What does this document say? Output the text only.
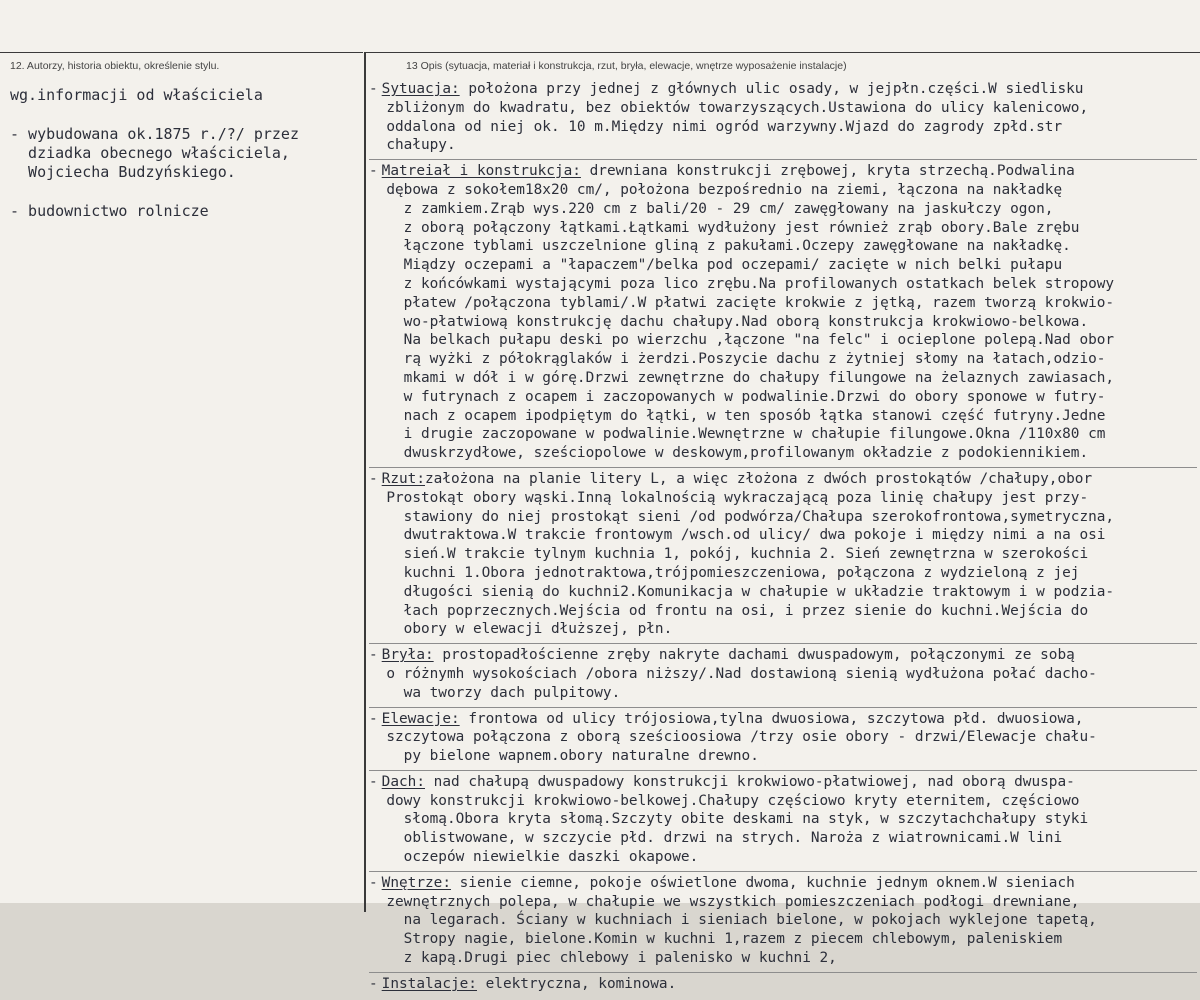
12. Autorzy, historia obiektu, określenie stylu.	13 Opis (sytuacja, materiał i konstrukcja, rzut, bryła, elewacje, wnętrze wyposażenie instalacje)
wg.informacji od właściciela
- wybudowana ok.1875 r./?/ przez
dziadka obecnego właściciela,
Wojciecha Budzyńskiego.
- budownictwo rolnicze
- Sytuacja: położona przy jednej z głównych ulic osady, w jejpłn.części.W siedlisku
zbliżonym do kwadratu, bez obiektów towarzyszących.Ustawiona do ulicy kalenicowo,
oddalona od niej ok. 10 m.Między nimi ogród warzywny.Wjazd do zagrody zpłd.str
chałupy.
- Matreiał i konstrukcja: drewniana konstrukcji zrębowej, kryta strzechą.Podwalina
dębowa z sokołem18x20 cm/, położona bezpośrednio na ziemi, łączona na nakładkę
z zamkiem.Zrąb wys.220 cm z bali/20 - 29 cm/ zawęgłowany na jaskułczy ogon,
z oborą połączony łątkami.Łątkami wydłużony jest również zrąb obory.Bale zrębu
łączone tyblami uszczelnione gliną z pakułami.Oczepy zawęgłowane na nakładkę.
Miądzy oczepami a "łapaczem"/belka pod oczepami/ zacięte w nich belki pułapu
z końcówkami wystającymi poza lico zrębu.Na profilowanych ostatkach belek stropowy
płatew /połączona tyblami/.W płatwi zacięte krokwie z jętką, razem tworzą krokwio-
wo-płatwiową konstrukcję dachu chałupy.Nad oborą konstrukcja krokwiowo-belkowa.
Na belkach pułapu deski po wierzchu ,łączone "na felc" i ocieplone polepą.Nad obor
rą wyżki z półokrąglaków i żerdzi.Poszycie dachu z żytniej słomy na łatach,odzio-
mkami w dół i w górę.Drzwi zewnętrzne do chałupy filungowe na żelaznych zawiasach,
w futrynach z ocapem i zaczopowanych w podwalinie.Drzwi do obory sponowe w futry-
nach z ocapem ipodpiętym do łątki, w ten sposób łątka stanowi część futryny.Jedne
i drugie zaczopowane w podwalinie.Wewnętrzne w chałupie filungowe.Okna /110x80 cm
dwuskrzydłowe, sześciopolowe w deskowym,profilowanym okładzie z podokiennikiem.
- Rzut:założona na planie litery L, a więc złożona z dwóch prostokątów /chałupy,obor
Prostokąt obory wąski.Inną lokalnością wykraczającą poza linię chałupy jest przy-
stawiony do niej prostokąt sieni /od podwórza/Chałupa szerokofrontowa,symetryczna,
dwutraktowa.W trakcie frontowym /wsch.od ulicy/ dwa pokoje i między nimi a na osi
sień.W trakcie tylnym kuchnia 1, pokój, kuchnia 2. Sień zewnętrzna w szerokości
kuchni 1.Obora jednotraktowa,trójpomieszczeniowa, połączona z wydzieloną z jej
długości sienią do kuchni2.Komunikacja w chałupie w układzie traktowym i w podzia-
łach poprzecznych.Wejścia od frontu na osi, i przez sienie do kuchni.Wejścia do
obory w elewacji dłuższej, płn.
- Bryła: prostopadłościenne zręby nakryte dachami dwuspadowym, połączonymi ze sobą
o różnymh wysokościach /obora niższy/.Nad dostawioną sienią wydłużona połać dacho-
wa tworzy dach pulpitowy.
- Elewacje: frontowa od ulicy trójosiowa,tylna dwuosiowa, szczytowa płd. dwuosiowa,
szczytowa połączona z oborą sześcioosiowa /trzy osie obory - drzwi/Elewacje chału-
py bielone wapnem.obory naturalne drewno.
- Dach: nad chałupą dwuspadowy konstrukcji krokwiowo-płatwiowej, nad oborą dwuspa-
dowy konstrukcji krokwiowo-belkowej.Chałupy częściowo kryty eternitem, częściowo
słomą.Obora kryta słomą.Szczyty obite deskami na styk, w szczytachchałupy styki
oblistwowane, w szczycie płd. drzwi na strych. Naroża z wiatrownicami.W lini
oczepów niewielkie daszki okapowe.
- Wnętrze: sienie ciemne, pokoje oświetlone dwoma, kuchnie jednym oknem.W sieniach
zewnętrznych polepa, w chałupie we wszystkich pomieszczeniach podłogi drewniane,
na legarach. Ściany w kuchniach i sieniach bielone, w pokojach wyklejone tapetą,
Stropy nagie, bielone.Komin w kuchni 1,razem z piecem chlebowym, paleniskiem
z kapą.Drugi piec chlebowy i palenisko w kuchni 2,
- Instalacje: elektryczna, kominowa.
